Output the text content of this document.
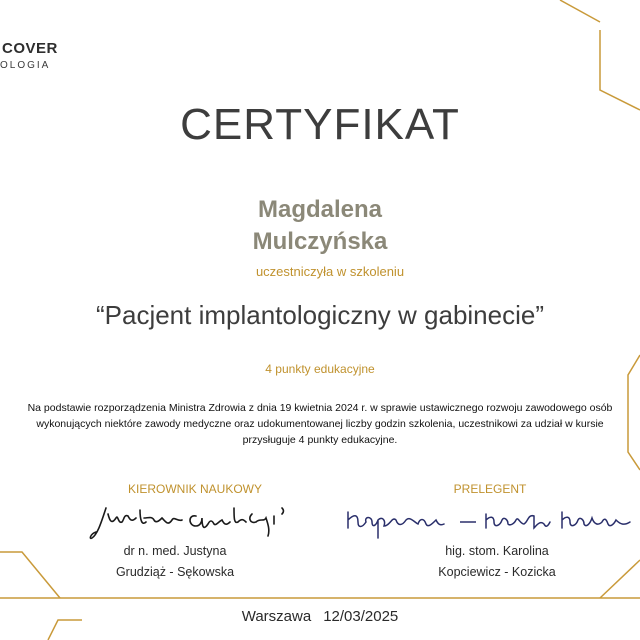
COVER
OLOGIA
CERTYFIKAT
Magdalena
Mulczyńska
uczestniczyła w szkoleniu
“Pacjent implantologiczny w gabinecie”
4 punkty edukacyjne
Na podstawie rozporządzenia Ministra Zdrowia z dnia 19 kwietnia 2024 r. w sprawie ustawicznego rozwoju zawodowego osób
wykonujących niektóre zawody medyczne oraz udokumentowanej liczby godzin szkolenia, uczestnikowi za udział w kursie
przysługuje 4 punkty edukacyjne.
KIEROWNIK NAUKOWY	PRELEGENT
dr n. med. Justyna
Grudziąż - Sękowska
hig. stom. Karolina
Kopciewicz - Kozicka
Warszawa 12/03/2025
